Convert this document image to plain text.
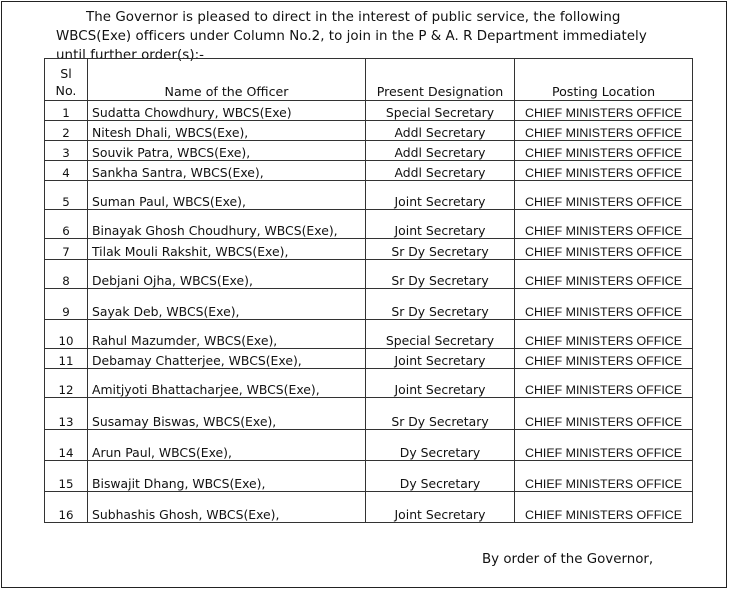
The Governor is pleased to direct in the interest of public service, the following WBCS(Exe) officers under Column No.2, to join in the P & A. R Department immediately until further order(s):-

Sl
No.	Name of the Officer	Present Designation	Posting Location
1	Sudatta Chowdhury, WBCS(Exe)	Special Secretary	CHIEF MINISTERS OFFICE
2	Nitesh Dhali, WBCS(Exe),	Addl Secretary	CHIEF MINISTERS OFFICE
3	Souvik Patra, WBCS(Exe),	Addl Secretary	CHIEF MINISTERS OFFICE
4	Sankha Santra, WBCS(Exe),	Addl Secretary	CHIEF MINISTERS OFFICE
5	Suman Paul, WBCS(Exe),	Joint Secretary	CHIEF MINISTERS OFFICE
6	Binayak Ghosh Choudhury, WBCS(Exe),	Joint Secretary	CHIEF MINISTERS OFFICE
7	Tilak Mouli Rakshit, WBCS(Exe),	Sr Dy Secretary	CHIEF MINISTERS OFFICE
8	Debjani Ojha, WBCS(Exe),	Sr Dy Secretary	CHIEF MINISTERS OFFICE
9	Sayak Deb, WBCS(Exe),	Sr Dy Secretary	CHIEF MINISTERS OFFICE
10	Rahul Mazumder, WBCS(Exe),	Special Secretary	CHIEF MINISTERS OFFICE
11	Debamay Chatterjee, WBCS(Exe),	Joint Secretary	CHIEF MINISTERS OFFICE
12	Amitjyoti Bhattacharjee, WBCS(Exe),	Joint Secretary	CHIEF MINISTERS OFFICE
13	Susamay Biswas, WBCS(Exe),	Sr Dy Secretary	CHIEF MINISTERS OFFICE
14	Arun Paul, WBCS(Exe),	Dy Secretary	CHIEF MINISTERS OFFICE
15	Biswajit Dhang, WBCS(Exe),	Dy Secretary	CHIEF MINISTERS OFFICE
16	Subhashis Ghosh, WBCS(Exe),	Joint Secretary	CHIEF MINISTERS OFFICE
By order of the Governor,
